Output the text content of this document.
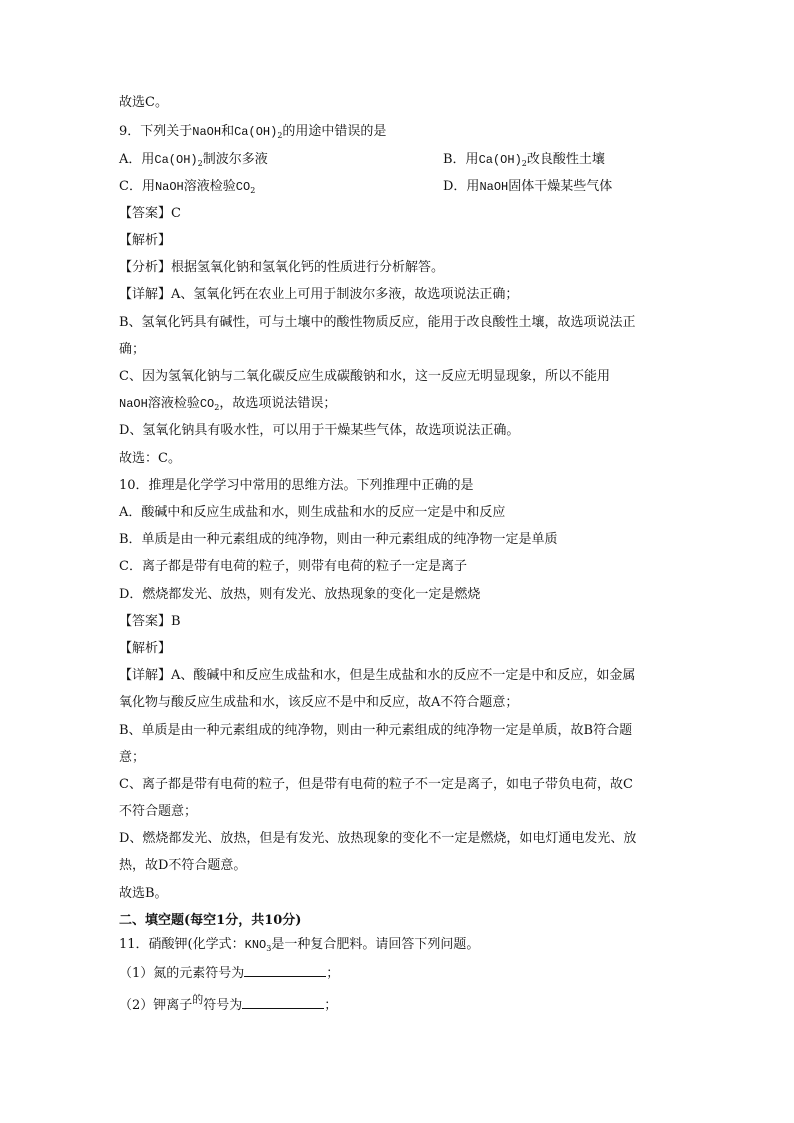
故选C。
9．下列关于NaOH和$Ca(OH)_2$的用途中错误的是
A．用$Ca(OH)_2$制波尔多液	B．用$Ca(OH)_2$改良酸性土壤
C．用NaOH溶液检验$CO_2$	D．用NaOH固体干燥某些气体
【答案】C
【解析】
【分析】根据氢氧化钠和氢氧化钙的性质进行分析解答。
【详解】A、氢氧化钙在农业上可用于制波尔多液，故选项说法正确；
B、氢氧化钙具有碱性，可与土壤中的酸性物质反应，能用于改良酸性土壤，故选项说法正
确；
C、因为氢氧化钠与二氧化碳反应生成碳酸钠和水，这一反应无明显现象，所以不能用
NaOH溶液检验$CO_2$，故选项说法错误；
D、氢氧化钠具有吸水性，可以用于干燥某些气体，故选项说法正确。
故选：C。
10．推理是化学学习中常用的思维方法。下列推理中正确的是
A．酸碱中和反应生成盐和水，则生成盐和水的反应一定是中和反应
B．单质是由一种元素组成的纯净物，则由一种元素组成的纯净物一定是单质
C．离子都是带有电荷的粒子，则带有电荷的粒子一定是离子
D．燃烧都发光、放热，则有发光、放热现象的变化一定是燃烧
【答案】B
【解析】
【详解】A、酸碱中和反应生成盐和水，但是生成盐和水的反应不一定是中和反应，如金属
氧化物与酸反应生成盐和水，该反应不是中和反应，故A不符合题意；
B、单质是由一种元素组成的纯净物，则由一种元素组成的纯净物一定是单质，故B符合题
意；
C、离子都是带有电荷的粒子，但是带有电荷的粒子不一定是离子，如电子带负电荷，故C
不符合题意；
D、燃烧都发光、放热，但是有发光、放热现象的变化不一定是燃烧，如电灯通电发光、放
热，故D不符合题意。
故选B。
二、填空题(每空1分，共10分)
11．硝酸钾(化学式：$KNO_3$是一种复合肥料。请回答下列问题。
（1）氮的元素符号为	；
（2）钾离子$^的$符号为	；
